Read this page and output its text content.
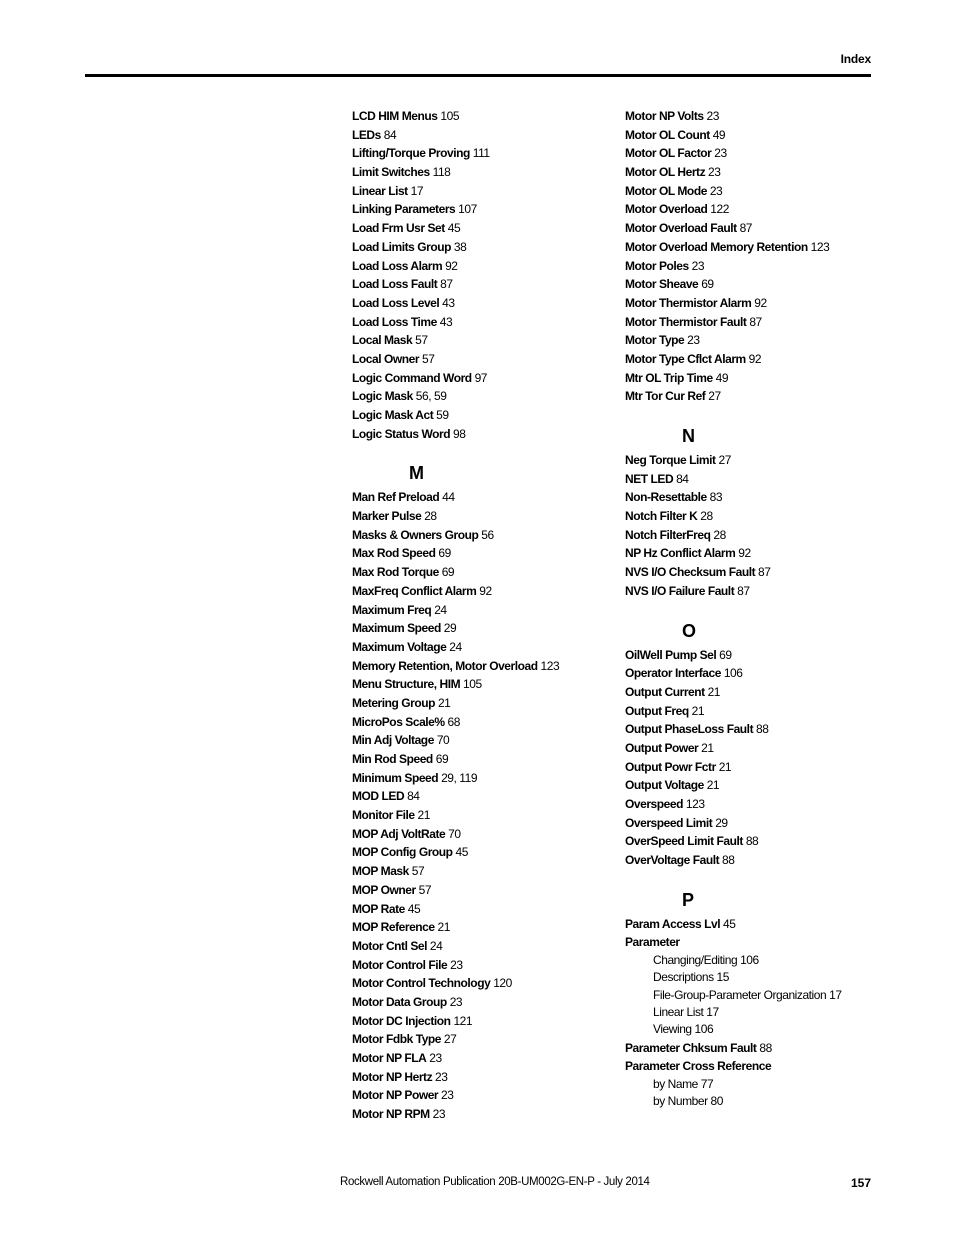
Index
LCD HIM Menus 105
LEDs 84
Lifting/Torque Proving 111
Limit Switches 118
Linear List 17
Linking Parameters 107
Load Frm Usr Set 45
Load Limits Group 38
Load Loss Alarm 92
Load Loss Fault 87
Load Loss Level 43
Load Loss Time 43
Local Mask 57
Local Owner 57
Logic Command Word 97
Logic Mask 56, 59
Logic Mask Act 59
Logic Status Word 98
M
Man Ref Preload 44
Marker Pulse 28
Masks & Owners Group 56
Max Rod Speed 69
Max Rod Torque 69
MaxFreq Conflict Alarm 92
Maximum Freq 24
Maximum Speed 29
Maximum Voltage 24
Memory Retention, Motor Overload 123
Menu Structure, HIM 105
Metering Group 21
MicroPos Scale% 68
Min Adj Voltage 70
Min Rod Speed 69
Minimum Speed 29, 119
MOD LED 84
Monitor File 21
MOP Adj VoltRate 70
MOP Config Group 45
MOP Mask 57
MOP Owner 57
MOP Rate 45
MOP Reference 21
Motor Cntl Sel 24
Motor Control File 23
Motor Control Technology 120
Motor Data Group 23
Motor DC Injection 121
Motor Fdbk Type 27
Motor NP FLA 23
Motor NP Hertz 23
Motor NP Power 23
Motor NP RPM 23
Motor NP Volts 23
Motor OL Count 49
Motor OL Factor 23
Motor OL Hertz 23
Motor OL Mode 23
Motor Overload 122
Motor Overload Fault 87
Motor Overload Memory Retention 123
Motor Poles 23
Motor Sheave 69
Motor Thermistor Alarm 92
Motor Thermistor Fault 87
Motor Type 23
Motor Type Cflct Alarm 92
Mtr OL Trip Time 49
Mtr Tor Cur Ref 27
N
Neg Torque Limit 27
NET LED 84
Non-Resettable 83
Notch Filter K 28
Notch FilterFreq 28
NP Hz Conflict Alarm 92
NVS I/O Checksum Fault 87
NVS I/O Failure Fault 87
O
OilWell Pump Sel 69
Operator Interface 106
Output Current 21
Output Freq 21
Output PhaseLoss Fault 88
Output Power 21
Output Powr Fctr 21
Output Voltage 21
Overspeed 123
Overspeed Limit 29
OverSpeed Limit Fault 88
OverVoltage Fault 88
P
Param Access Lvl 45
Parameter
Changing/Editing 106
Descriptions 15
File-Group-Parameter Organization 17
Linear List 17
Viewing 106
Parameter Chksum Fault 88
Parameter Cross Reference
by Name 77
by Number 80
Rockwell Automation Publication 20B-UM002G-EN-P - July 2014	157
